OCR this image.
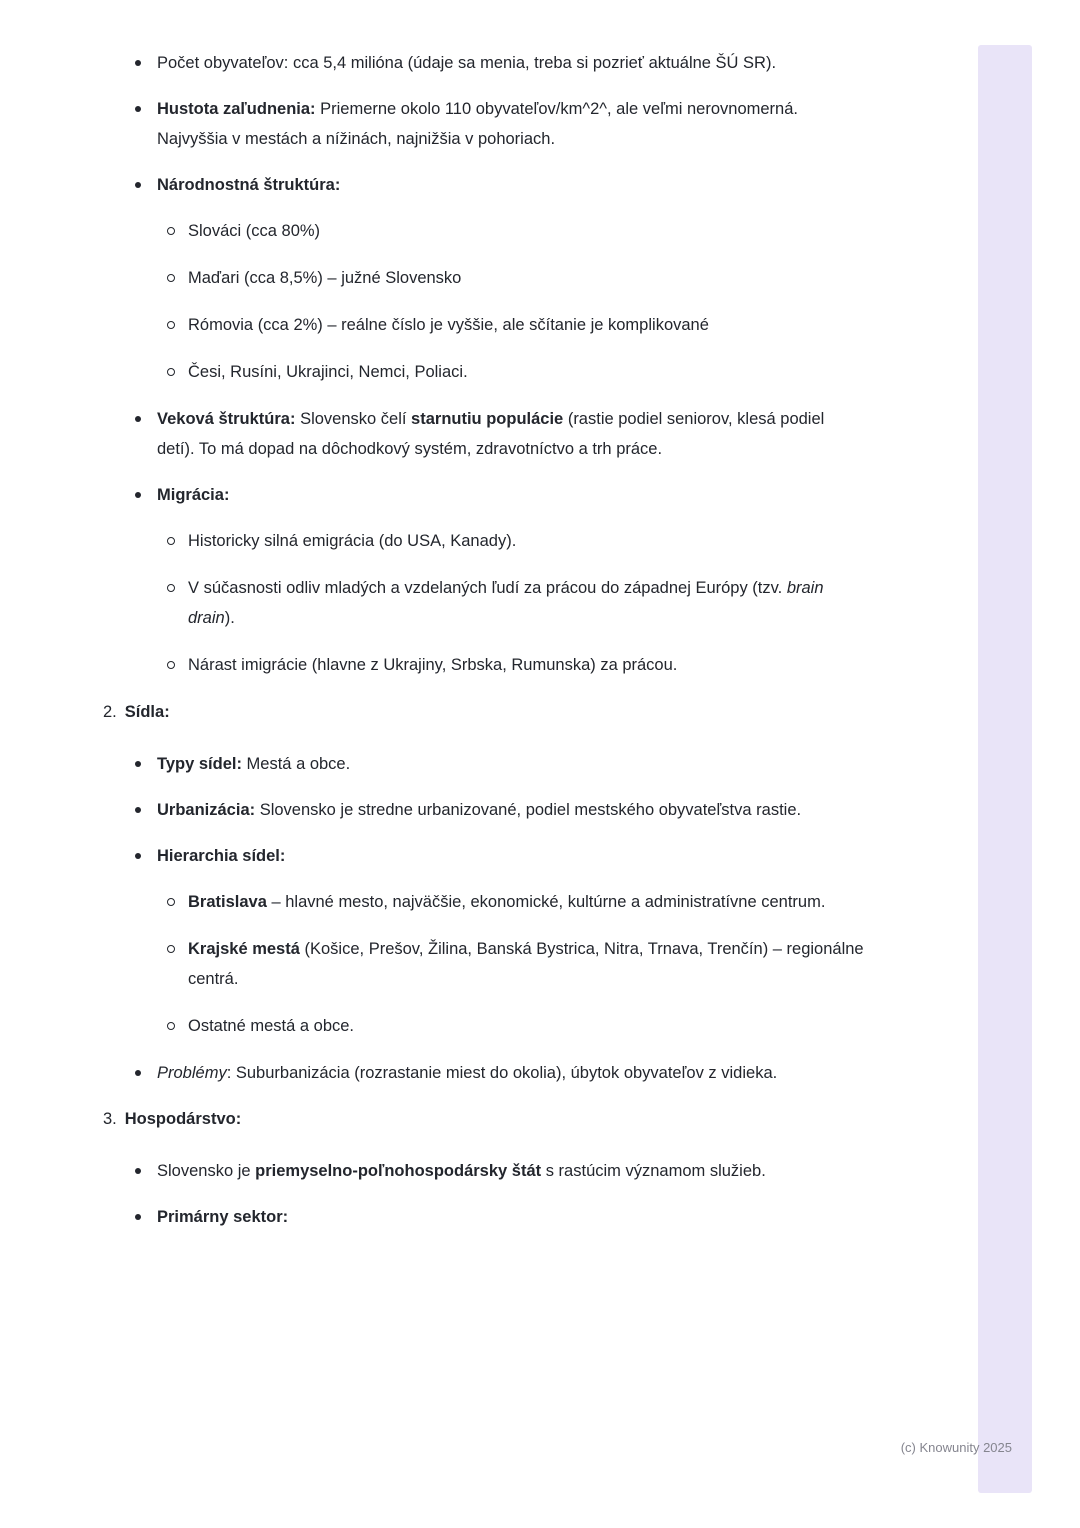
Počet obyvateľov: cca 5,4 milióna (údaje sa menia, treba si pozrieť aktuálne ŠÚ SR).
Hustota zaľudnenia: Priemerne okolo 110 obyvateľov/km^2^, ale veľmi nerovnomerná. Najvyššia v mestách a nížinách, najnižšia v pohoriach.
Národnostná štruktúra:
Slováci (cca 80%)
Maďari (cca 8,5%) – južné Slovensko
Rómovia (cca 2%) – reálne číslo je vyššie, ale sčítanie je komplikované
Česi, Rusíni, Ukrajinci, Nemci, Poliaci.
Veková štruktúra: Slovensko čelí starnutiu populácie (rastie podiel seniorov, klesá podiel detí). To má dopad na dôchodkový systém, zdravotníctvo a trh práce.
Migrácia:
Historicky silná emigrácia (do USA, Kanady).
V súčasnosti odliv mladých a vzdelaných ľudí za prácou do západnej Európy (tzv. brain drain).
Nárast imigrácie (hlavne z Ukrajiny, Srbska, Rumunska) za prácou.
2. Sídla:
Typy sídel: Mestá a obce.
Urbanizácia: Slovensko je stredne urbanizované, podiel mestského obyvateľstva rastie.
Hierarchia sídel:
Bratislava – hlavné mesto, najväčšie, ekonomické, kultúrne a administratívne centrum.
Krajské mestá (Košice, Prešov, Žilina, Banská Bystrica, Nitra, Trnava, Trenčín) – regionálne centrá.
Ostatné mestá a obce.
Problémy: Suburbanizácia (rozrastanie miest do okolia), úbytok obyvateľov z vidieka.
3. Hospodárstvo:
Slovensko je priemyselno-poľnohospodársky štát s rastúcim významom služieb.
Primárny sektor:
(c) Knowunity 2025
